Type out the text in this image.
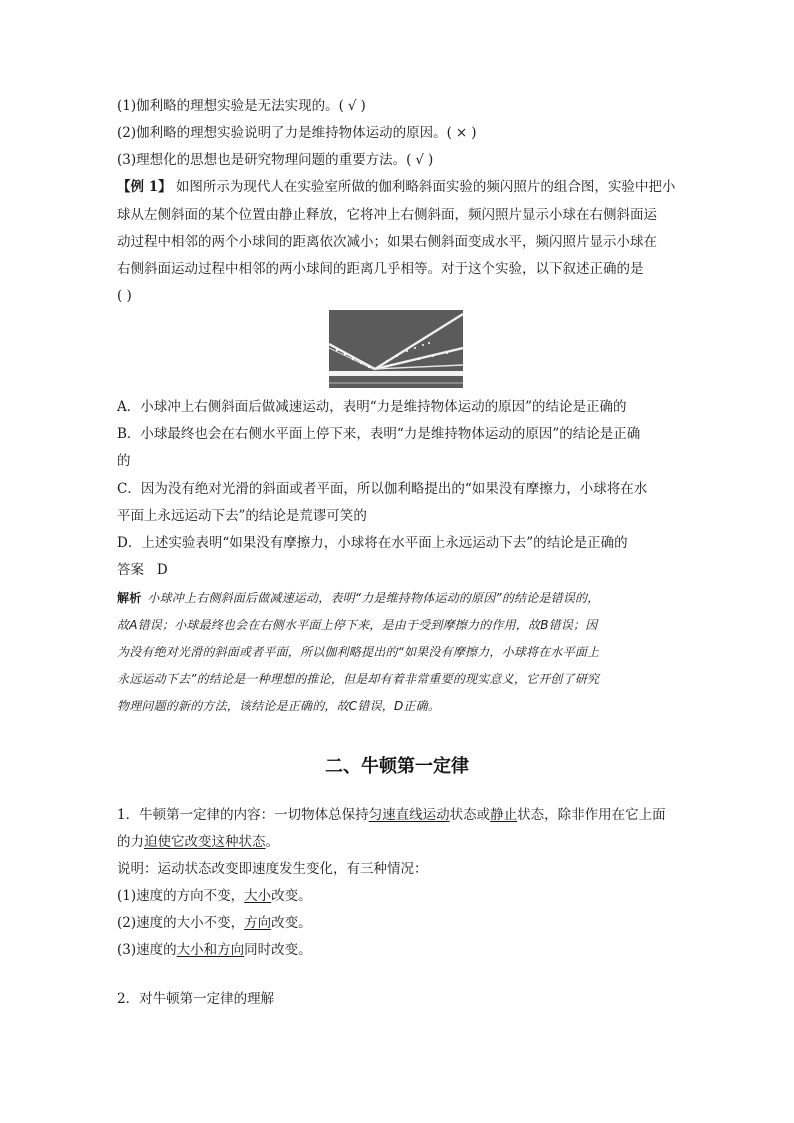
(1)伽利略的理想实验是无法实现的。( √ )
(2)伽利略的理想实验说明了力是维持物体运动的原因。( × )
(3)理想化的思想也是研究物理问题的重要方法。( √ )
【例 1】 如图所示为现代人在实验室所做的伽利略斜面实验的频闪照片的组合图，实验中把小
球从左侧斜面的某个位置由静止释放，它将冲上右侧斜面，频闪照片显示小球在右侧斜面运
动过程中相邻的两个小球间的距离依次减小；如果右侧斜面变成水平，频闪照片显示小球在
右侧斜面运动过程中相邻的两小球间的距离几乎相等。对于这个实验，以下叙述正确的是
( )
A．小球冲上右侧斜面后做减速运动，表明“力是维持物体运动的原因”的结论是正确的
B．小球最终也会在右侧水平面上停下来，表明“力是维持物体运动的原因”的结论是正确
的
C．因为没有绝对光滑的斜面或者平面，所以伽利略提出的“如果没有摩擦力，小球将在水
平面上永远运动下去”的结论是荒谬可笑的
D．上述实验表明“如果没有摩擦力，小球将在水平面上永远运动下去”的结论是正确的
答案 D
解析 小球冲上右侧斜面后做减速运动，表明“力是维持物体运动的原因”的结论是错误的，
故A错误；小球最终也会在右侧水平面上停下来，是由于受到摩擦力的作用，故B错误；因
为没有绝对光滑的斜面或者平面，所以伽利略提出的“如果没有摩擦力，小球将在水平面上
永远运动下去”的结论是一种理想的推论，但是却有着非常重要的现实意义，它开创了研究
物理问题的新的方法，该结论是正确的，故C错误，D正确。
二、牛顿第一定律
1．牛顿第一定律的内容：一切物体总保持匀速直线运动状态或静止状态，除非作用在它上面
的力迫使它改变这种状态。
说明：运动状态改变即速度发生变化，有三种情况：
(1)速度的方向不变，大小改变。
(2)速度的大小不变，方向改变。
(3)速度的大小和方向同时改变。
2．对牛顿第一定律的理解
